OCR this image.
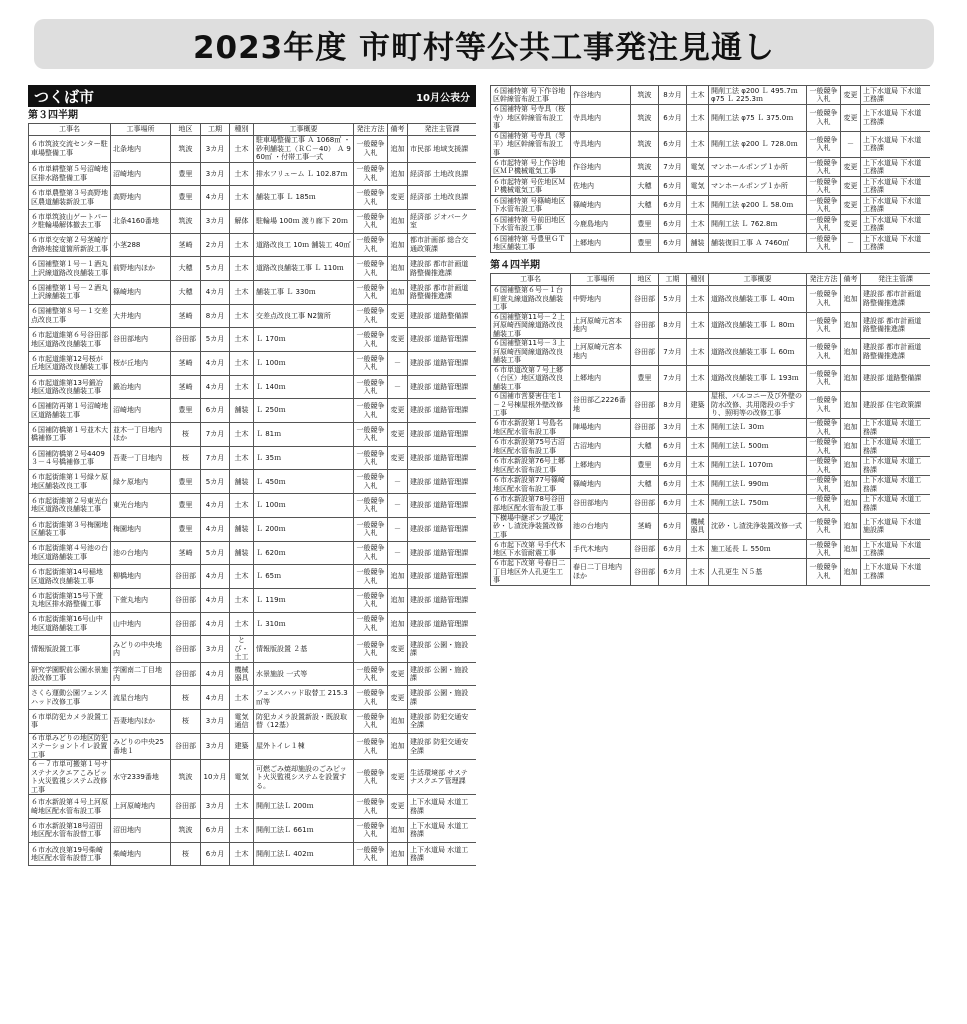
2023年度 市町村等公共工事発注見通し
つくば市	10月公表分
第３四半期
工事名	工事場所	地区	工期	種別	工事概要	発注方法	備考	発注主管課
６市筑波交流センター駐車場整備工事	北条地内	筑波	3カ月	土木	駐車場整備工事 Ａ 1068㎡ ・砂利舗装工（ＲＣ－40） Ａ 960㎡ ・付帯工事一式	一般競争入札	追加	市民部 地域支援課
６市単耕整第５号沼崎地区排水路整備工事	沼崎地内	豊里	3カ月	土木	排水フリューム Ｌ 102.87ｍ	一般競争入札	追加	経済部 土地改良課
６市単農整第３号高野地区農道舗装新設工事	高野地内	豊里	4カ月	土木	舗装工事 Ｌ 185ｍ	一般競争入札	変更	経済部 土地改良課
６市単筑波山ゲートパーク駐輪場解体撤去工事	北条4160番地	筑波	3カ月	解体	駐輪場 100ｍ 渡り廊下 20ｍ	一般競争入札	追加	経済部 ジオパーク室
６市単交安第２号茎崎庁舎跡地接道箇所新設工事	小茎288	茎崎	2カ月	土木	道路改良工 10ｍ 舗装工 40㎡	一般競争入札	追加	都市計画部 総合交通政策課
６国補整第１号－１酒丸上沢線道路改良舗装工事	前野地内ほか	大穂	5カ月	土木	道路改良舗装工事 Ｌ 110ｍ	一般競争入札	追加	建設部 都市計画道路整備推進課
６国補整第１号－２酒丸上沢線舗装工事	篠崎地内	大穂	4カ月	土木	舗装工事 Ｌ 330ｍ	一般競争入札	追加	建設部 都市計画道路整備推進課
６国補整第８号－１交差点改良工事	大井地内	茎崎	8カ月	土木	交差点改良工事 N2箇所	一般競争入札	変更	建設部 道路整備課
６市起道維第６号谷田部地区道路改良舗装工事	谷田部地内	谷田部	5カ月	土木	Ｌ 170ｍ	一般競争入札	変更	建設部 道路管理課
６市起道維第12号桜が丘地区道路改良舗装工事	桜が丘地内	茎崎	4カ月	土木	Ｌ 100ｍ	一般競争入札	－	建設部 道路管理課
６市起道維第13号鍛冶地区道路改良舗装工事	鍛冶地内	茎崎	4カ月	土木	Ｌ 140ｍ	一般競争入札	－	建設部 道路管理課
６国補防再第１号沼崎地区道路舗装工事	沼崎地内	豊里	6カ月	舗装	Ｌ 250ｍ	一般競争入札	変更	建設部 道路管理課
６国補防橋第１号並木大橋補修工事	並木一丁目地内ほか	桜	7カ月	土木	Ｌ 81ｍ	一般競争入札	変更	建設部 道路管理課
６国補防橋第２号4409３－４号橋補修工事	吾妻一丁目地内	桜	7カ月	土木	Ｌ 35ｍ	一般競争入札	変更	建設部 道路管理課
６市起街維第１号緑ケ原地区舗装改良工事	緑ケ原地内	豊里	5カ月	舗装	Ｌ 450ｍ	一般競争入札	－	建設部 道路管理課
６市起街維第２号東光台地区道路改良舗装工事	東光台地内	豊里	4カ月	土木	Ｌ 100ｍ	一般競争入札	－	建設部 道路管理課
６市起街維第３号梅園地区舗装工事	梅園地内	豊里	4カ月	舗装	Ｌ 200ｍ	一般競争入札	－	建設部 道路管理課
６市起街維第４号池の台地区道路舗装工事	池の台地内	茎崎	5カ月	舗装	Ｌ 620ｍ	一般競争入札	－	建設部 道路管理課
６市起街維第14号稲地区道路改良舗装工事	柳橋地内	谷田部	4カ月	土木	Ｌ 65ｍ	一般競争入札	追加	建設部 道路管理課
６市起街維第15号下萱丸地区排水路整備工事	下萱丸地内	谷田部	4カ月	土木	Ｌ 119ｍ	一般競争入札	追加	建設部 道路管理課
６市起街維第16号山中地区道路舗装工事	山中地内	谷田部	4カ月	土木	Ｌ 310ｍ	一般競争入札	追加	建設部 道路管理課
情報版設置工事	みどりの中央地内	谷田部	3カ月	とび・土工	情報版設置 ２基	一般競争入札	変更	建設部 公園・施設課
研究学園駅前公園水景施設改修工事	学園南二丁目地内	谷田部	4カ月	機械器具	水景施設 一式等	一般競争入札	変更	建設部 公園・施設課
さくら運動公園フェンスハッド改修工事	流星台地内	桜	4カ月	土木	フェンスハッド取替工 215.3㎡等	一般競争入札	変更	建設部 公園・施設課
６市単防犯カメラ設置工事	吾妻地内ほか	桜	3カ月	電気通信	防犯カメラ設置新設・既設取替（12基）	一般競争入札	追加	建設部 防犯交通安全課
６市単みどりの地区防犯ステーショントイレ設置工事	みどりの中央25番地１	谷田部	3カ月	建築	屋外トイレ１棟	一般競争入札	追加	建設部 防犯交通安全課
６－７市単可搬第１号サステナスクエアこみピット火災監視システム改修工事	水守2339番地	筑波	10カ月	電気	可燃ごみ焼却施設のごみピット火災監視システムを設置する。	一般競争入札	変更	生活環境部 サステナスクエア管理課
６市水新設第４号上河原崎地区配水管布設工事	上河原崎地内	谷田部	3カ月	土木	開削工法Ｌ 200ｍ	一般競争入札	変更	上下水道局 水道工務課
６市水新設第18号沼田地区配水管布設替工事	沼田地内	筑波	6カ月	土木	開削工法Ｌ 661ｍ	一般競争入札	追加	上下水道局 水道工務課
６市水改良第19号柴崎地区配水管布設替工事	柴崎地内	桜	6カ月	土木	開削工法Ｌ 402ｍ	一般競争入札	追加	上下水道局 水道工務課
６国補特第 号下作谷地区幹線管布設工事	作谷地内	筑波	8カ月	土木	開削工法 φ200 Ｌ 495.7ｍ φ75 Ｌ 225.3ｍ	一般競争入札	変更	上下水道局 下水道工務課
６国補特第 号寺具（桜寺）地区幹線管布設工事	寺具地内	筑波	6カ月	土木	開削工法 φ75 Ｌ 375.0ｍ	一般競争入札	変更	上下水道局 下水道工務課
６国補特第 号寺具（琴平）地区幹線管布設工事	寺具地内	筑波	6カ月	土木	開削工法 φ200 Ｌ 728.0ｍ	一般競争入札	－	上下水道局 下水道工務課
６市起特第 号上作谷地区ＭＰ機械電気工事	作谷地内	筑波	7カ月	電気	マンホールポンプ１か所	一般競争入札	変更	上下水道局 下水道工務課
６市起特第 号佐地区ＭＰ機械電気工事	佐地内	大穂	6カ月	電気	マンホールポンプ１か所	一般競争入札	変更	上下水道局 下水道工務課
６国補特第 号篠崎地区下水管布設工事	篠崎地内	大穂	6カ月	土木	開削工法 φ200 Ｌ 58.0ｍ	一般競争入札	変更	上下水道局 下水道工務課
６国補特第 号前田地区下水管布設工事	今鹿島地内	豊里	6カ月	土木	開削工法 Ｌ 762.8ｍ	一般競争入札	変更	上下水道局 下水道工務課
６国補特第 号豊里ＧＴ地区舗装工事	上郷地内	豊里	6カ月	舗装	舗装復旧工事 Ａ 7460㎡	一般競争入札	－	上下水道局 下水道工務課
第４四半期
工事名	工事場所	地区	工期	種別	工事概要	発注方法	備考	発注主管課
６国補整第６号－１台町萱丸線道路改良舗装工事	中野地内	谷田部	5カ月	土木	道路改良舗装工事 Ｌ 40ｍ	一般競争入札	追加	建設部 都市計画道路整備推進課
６国補整第11号－２上河原崎西岡線道路改良舗装工事	上河原崎元宮本地内	谷田部	8カ月	土木	道路改良舗装工事 Ｌ 80ｍ	一般競争入札	追加	建設部 都市計画道路整備推進課
６国補整第11号－３上河原崎西岡線道路改良舗装工事	上河原崎元宮本地内	谷田部	7カ月	土木	道路改良舗装工事 Ｌ 60ｍ	一般競争入札	追加	建設部 都市計画道路整備推進課
６市単道改第７号上郷（台区）地区道路改良舗装工事	上郷地内	豊里	7カ月	土木	道路改良舗装工事 Ｌ 193ｍ	一般競争入札	追加	建設部 道路整備課
６国補市営要害住宅１－２号棟屋根外壁改修工事	谷田部乙2226番地	谷田部	8カ月	建築	屋根、バルコニー及び外壁の防水改修、共用階段の手すり、照明等の改修工事	一般競争入札	追加	建設部 住宅政策課
６市水新設第１号島名地区配水管布設工事	陣場地内	谷田部	3カ月	土木	開削工法Ｌ 30ｍ	一般競争入札	追加	上下水道局 水道工務課
６市水新設第75号古沼地区配水管布設工事	古沼地内	大穂	6カ月	土木	開削工法Ｌ 500ｍ	一般競争入札	追加	上下水道局 水道工務課
６市水新設第76号上郷地区配水管布設工事	上郷地内	豊里	6カ月	土木	開削工法Ｌ 1070ｍ	一般競争入札	追加	上下水道局 水道工務課
６市水新設第77号篠崎地区配水管布設工事	篠崎地内	大穂	6カ月	土木	開削工法Ｌ 990ｍ	一般競争入札	追加	上下水道局 水道工務課
６市水新設第78号谷田部地区配水管布設工事	谷田部地内	谷田部	6カ月	土木	開削工法Ｌ 750ｍ	一般競争入札	追加	上下水道局 水道工務課
下横場中継ポンプ場沈砂・し渣洗浄装置改修工事	池の台地内	茎崎	6カ月	機械器具	沈砂・し渣洗浄装置改修一式	一般競争入札	追加	上下水道局 下水道施設課
６市起下改第 号手代木地区下水管耐震工事	手代木地内	谷田部	6カ月	土木	施工延長 Ｌ 550ｍ	一般競争入札	追加	上下水道局 下水道工務課
６市起下改第 号春日二丁目地区外人孔更生工事	春日二丁目地内ほか	谷田部	6カ月	土木	人孔更生 Ｎ５基	一般競争入札	追加	上下水道局 下水道工務課
